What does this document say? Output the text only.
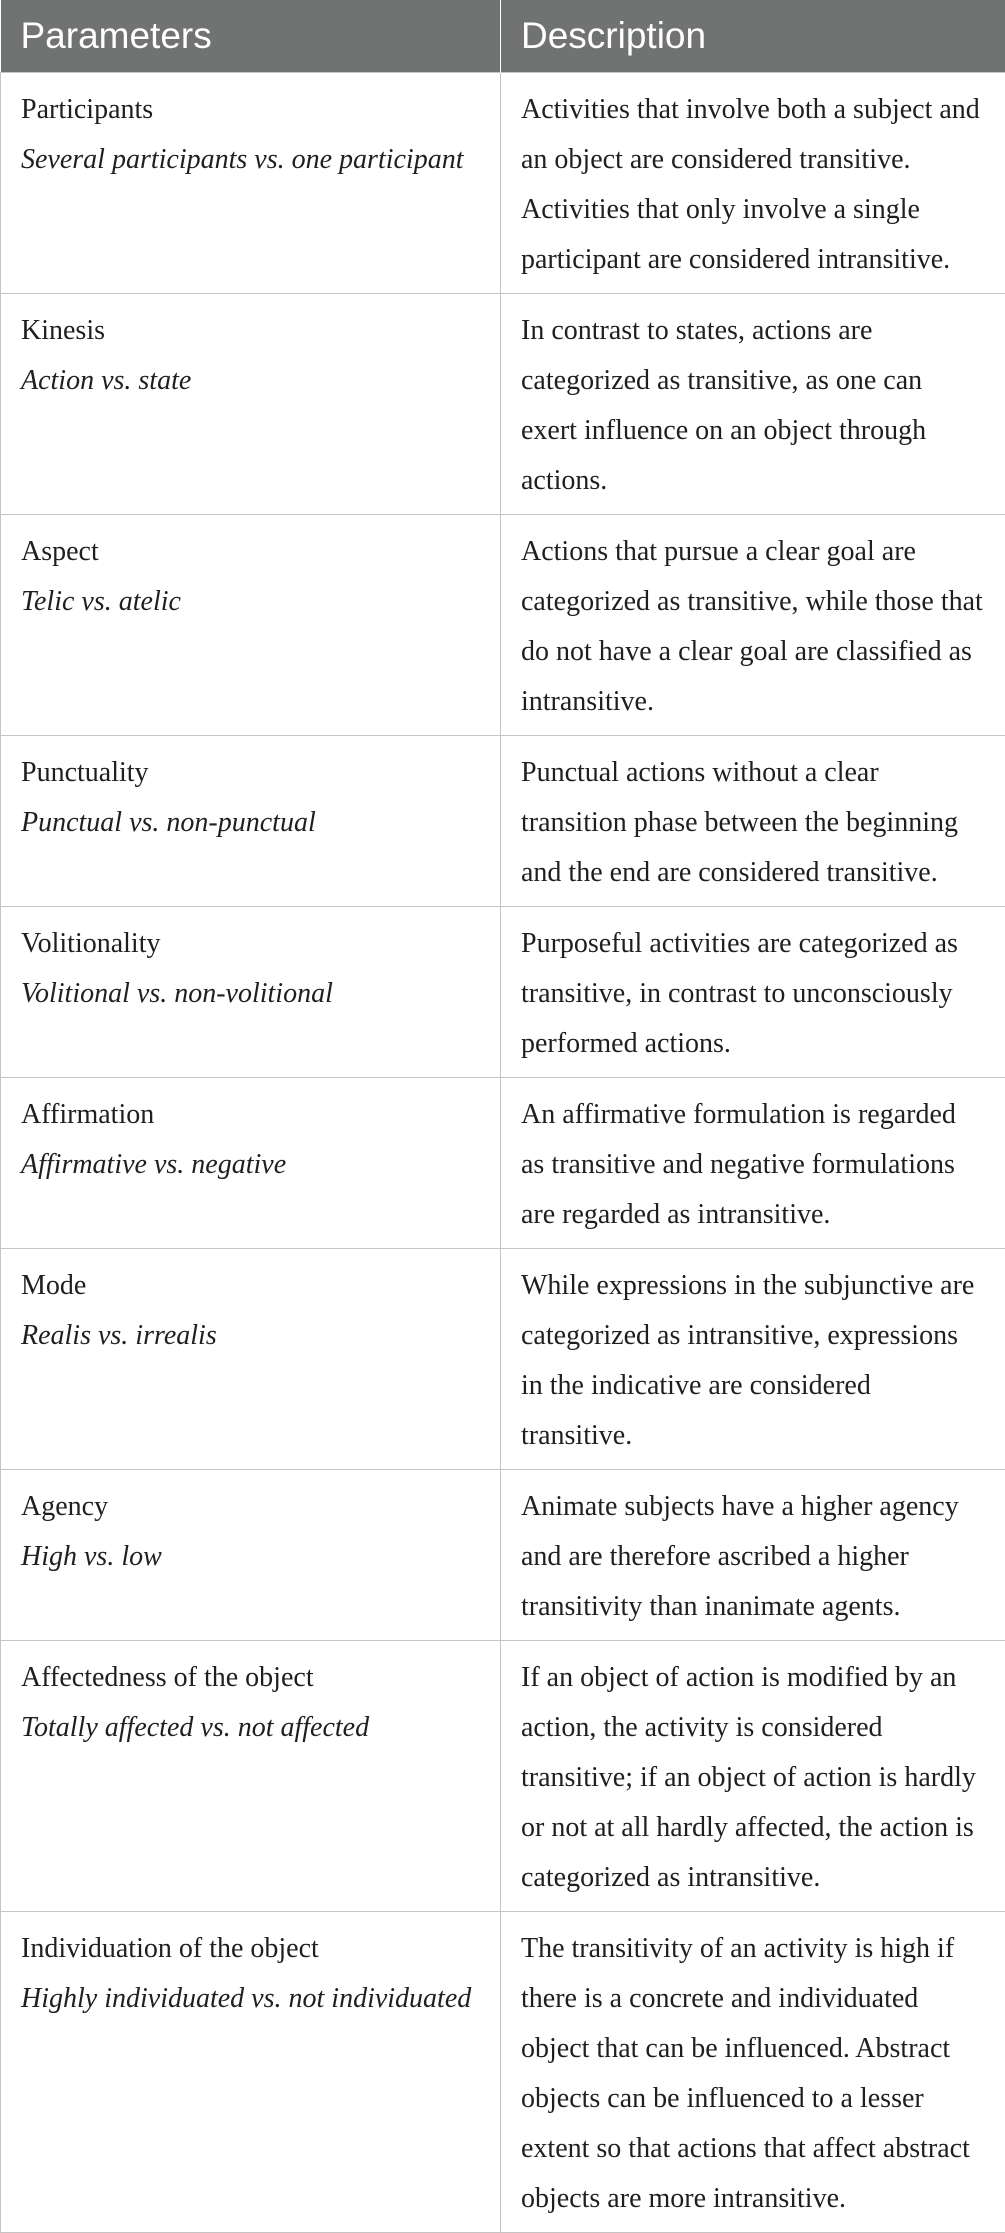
Parameters	Description

Participants
Several participants vs. one participant	Activities that involve both a subject and an object are considered transitive. Activities that only involve a single participant are considered intransitive.

Kinesis
Action vs. state	In contrast to states, actions are categorized as transitive, as one can exert influence on an object through actions.

Aspect
Telic vs. atelic	Actions that pursue a clear goal are categorized as transitive, while those that do not have a clear goal are classified as intransitive.

Punctuality
Punctual vs. non-punctual	Punctual actions without a clear transition phase between the beginning and the end are considered transitive.

Volitionality
Volitional vs. non-volitional	Purposeful activities are categorized as transitive, in contrast to unconsciously performed actions.

Affirmation
Affirmative vs. negative	An affirmative formulation is regarded as transitive and negative formulations are regarded as intransitive.

Mode
Realis vs. irrealis	While expressions in the subjunctive are categorized as intransitive, expressions in the indicative are considered transitive.

Agency
High vs. low	Animate subjects have a higher agency and are therefore ascribed a higher transitivity than inanimate agents.

Affectedness of the object
Totally affected vs. not affected	If an object of action is modified by an action, the activity is considered transitive; if an object of action is hardly or not at all hardly affected, the action is categorized as intransitive.

Individuation of the object
Highly individuated vs. not individuated	The transitivity of an activity is high if there is a concrete and individuated object that can be influenced. Abstract objects can be influenced to a lesser extent so that actions that affect abstract objects are more intransitive.
